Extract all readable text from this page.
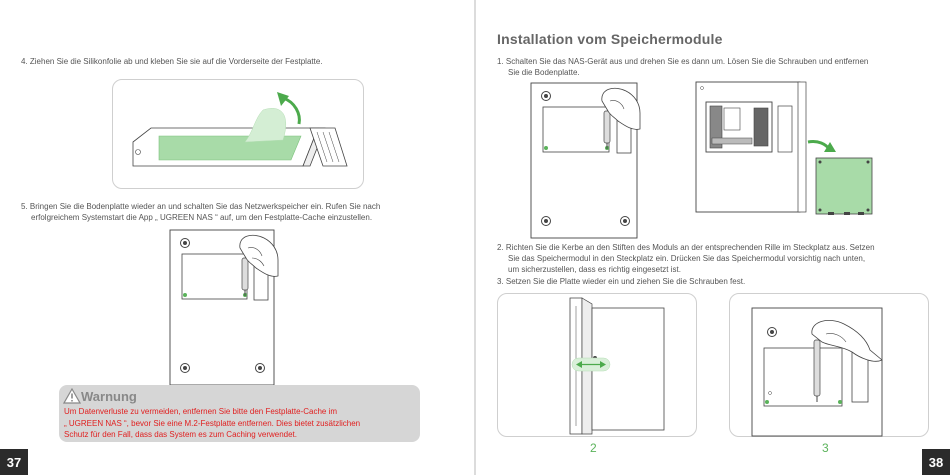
4. Ziehen Sie die Silikonfolie ab und kleben Sie sie auf die Vorderseite der Festplatte.
5. Bringen Sie die Bodenplatte wieder an und schalten Sie das Netzwerkspeicher ein. Rufen Sie nach
erfolgreichem Systemstart die App „ UGREEN NAS “ auf, um den Festplatte-Cache einzustellen.
Warnung
Um Datenverluste zu vermeiden, entfernen Sie bitte den Festplatte-Cache im
„ UGREEN NAS “, bevor Sie eine M.2-Festplatte entfernen. Dies bietet zusätzlichen
Schutz für den Fall, dass das System es zum Caching verwendet.
37
Installation vom Speichermodule
1. Schalten Sie das NAS-Gerät aus und drehen Sie es dann um. Lösen Sie die Schrauben und entfernen
Sie die Bodenplatte.
2. Richten Sie die Kerbe an den Stiften des Moduls an der entsprechenden Rille im Steckplatz aus. Setzen
Sie das Speichermodul in den Steckplatz ein. Drücken Sie das Speichermodul vorsichtig nach unten,
um sicherzustellen, dass es richtig eingesetzt ist.
3. Setzen Sie die Platte wieder ein und ziehen Sie die Schrauben fest.
2	3
38
